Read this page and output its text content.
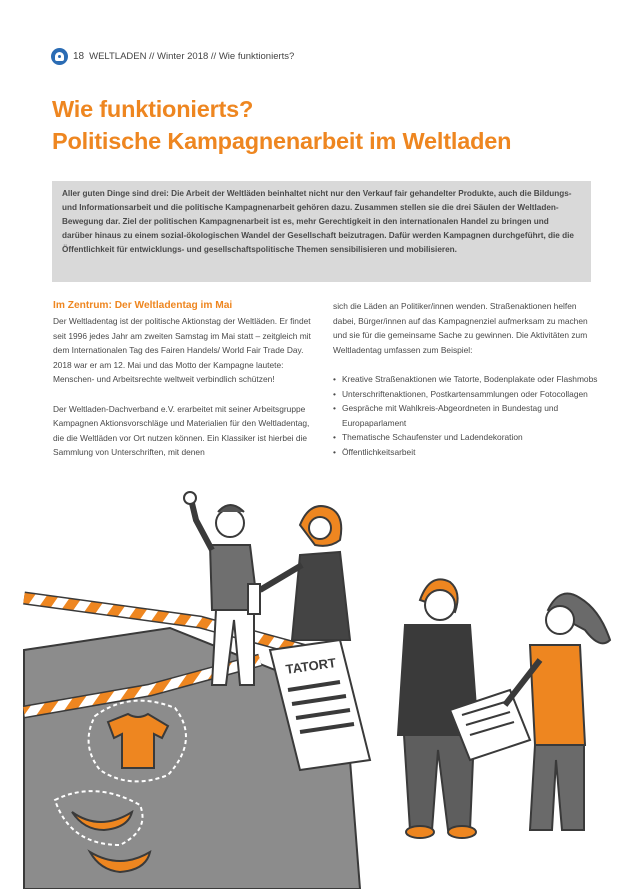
18 WELTLADEN // Winter 2018 // Wie funktionierts?
Wie funktionierts?
Politische Kampagnenarbeit im Weltladen
Aller guten Dinge sind drei: Die Arbeit der Weltläden beinhaltet nicht nur den Verkauf fair gehandelter Produkte, auch die Bildungs- und Informationsarbeit und die politische Kampagnenarbeit gehören dazu. Zusammen stellen sie die drei Säulen der Weltladen-Bewegung dar. Ziel der politischen Kampagnenarbeit ist es, mehr Gerechtigkeit in den internationalen Handel zu bringen und darüber hinaus zu einem sozial-ökologischen Wandel der Gesellschaft beizutragen. Dafür werden Kampagnen durchgeführt, die die Öffentlichkeit für entwicklungs- und gesellschaftspolitische Themen sensibilisieren und mobilisieren.
Im Zentrum: Der Weltladentag im Mai

Der Weltladentag ist der politische Aktionstag der Weltläden. Er findet seit 1996 jedes Jahr am zweiten Samstag im Mai statt – zeitgleich mit dem Internationalen Tag des Fairen Handels/ World Fair Trade Day. 2018 war er am 12. Mai und das Motto der Kampagne lautete: Menschen- und Arbeitsrechte weltweit verbindlich schützen!

Der Weltladen-Dachverband e.V. erarbeitet mit seiner Arbeitsgruppe Kampagnen Aktionsvorschläge und Materialien für den Weltladentag, die die Weltläden vor Ort nutzen können. Ein Klassiker ist hierbei die Sammlung von Unterschriften, mit denen

sich die Läden an Politiker/innen wenden. Straßenaktionen helfen dabei, Bürger/innen auf das Kampagnenziel aufmerksam zu machen und sie für die gemeinsame Sache zu gewinnen. Die Aktivitäten zum Weltladentag umfassen zum Beispiel:

• Kreative Straßenaktionen wie Tatorte, Bodenplakate oder Flashmobs
• Unterschriftenaktionen, Postkartensammlungen oder Fotocollagen
• Gespräche mit Wahlkreis-Abgeordneten in Bundestag und Europaparlament
• Thematische Schaufenster und Ladendekoration
• Öffentlichkeitsarbeit
TATORT
